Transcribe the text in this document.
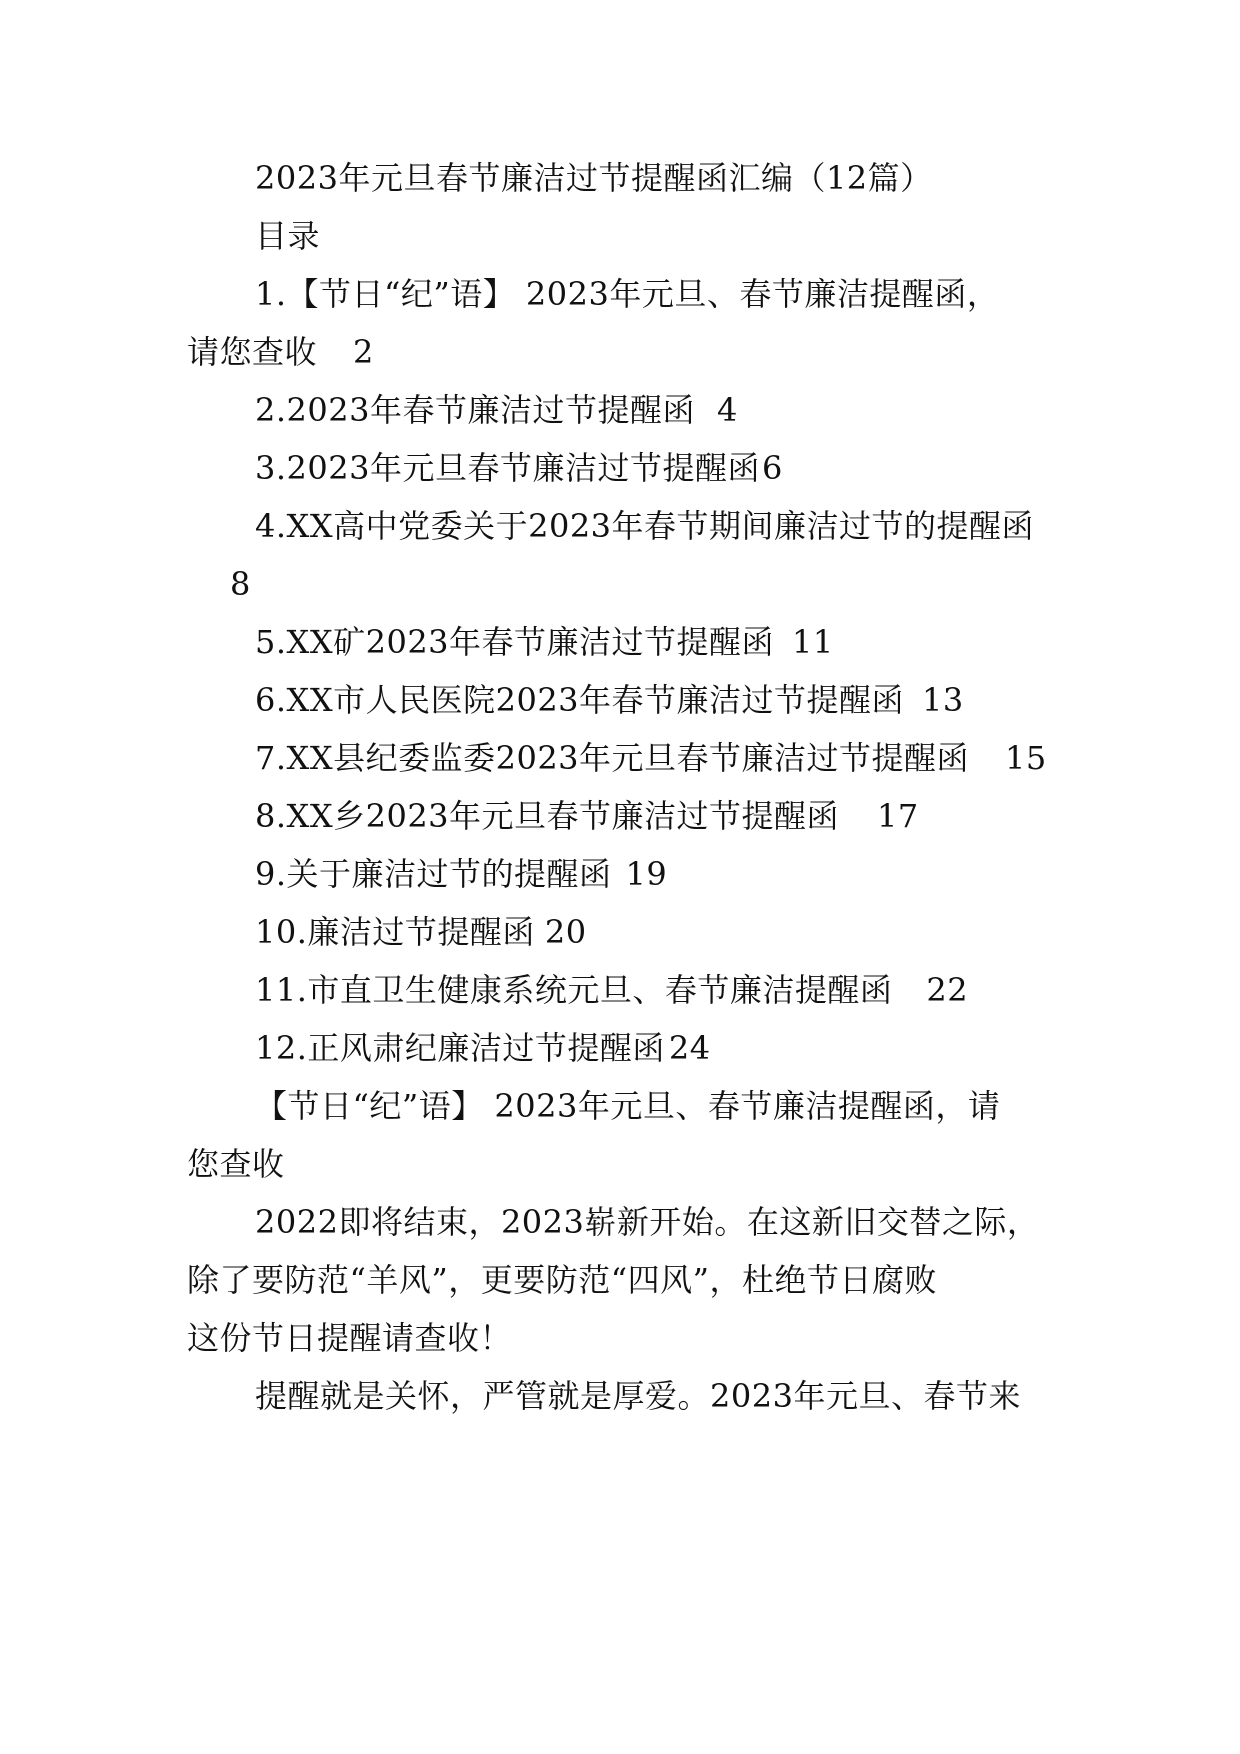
2023年元旦春节廉洁过节提醒函汇编（12篇）
目录
1.【节日“纪”语】 2023年元旦、春节廉洁提醒函，
请您查收 2
2.2023年春节廉洁过节提醒函 4
3.2023年元旦春节廉洁过节提醒函6
4.XX高中党委关于2023年春节期间廉洁过节的提醒函
8
5.XX矿2023年春节廉洁过节提醒函 11
6.XX市人民医院2023年春节廉洁过节提醒函 13
7.XX县纪委监委2023年元旦春节廉洁过节提醒函 15
8.XX乡2023年元旦春节廉洁过节提醒函 17
9.关于廉洁过节的提醒函 19
10.廉洁过节提醒函 20
11.市直卫生健康系统元旦、春节廉洁提醒函 22
12.正风肃纪廉洁过节提醒函 24
【节日“纪”语】 2023年元旦、春节廉洁提醒函，请
您查收
2022即将结束，2023崭新开始。在这新旧交替之际，
除了要防范“羊风”，更要防范“四风”，杜绝节日腐败
这份节日提醒请查收！
提醒就是关怀，严管就是厚爱。2023年元旦、春节来
